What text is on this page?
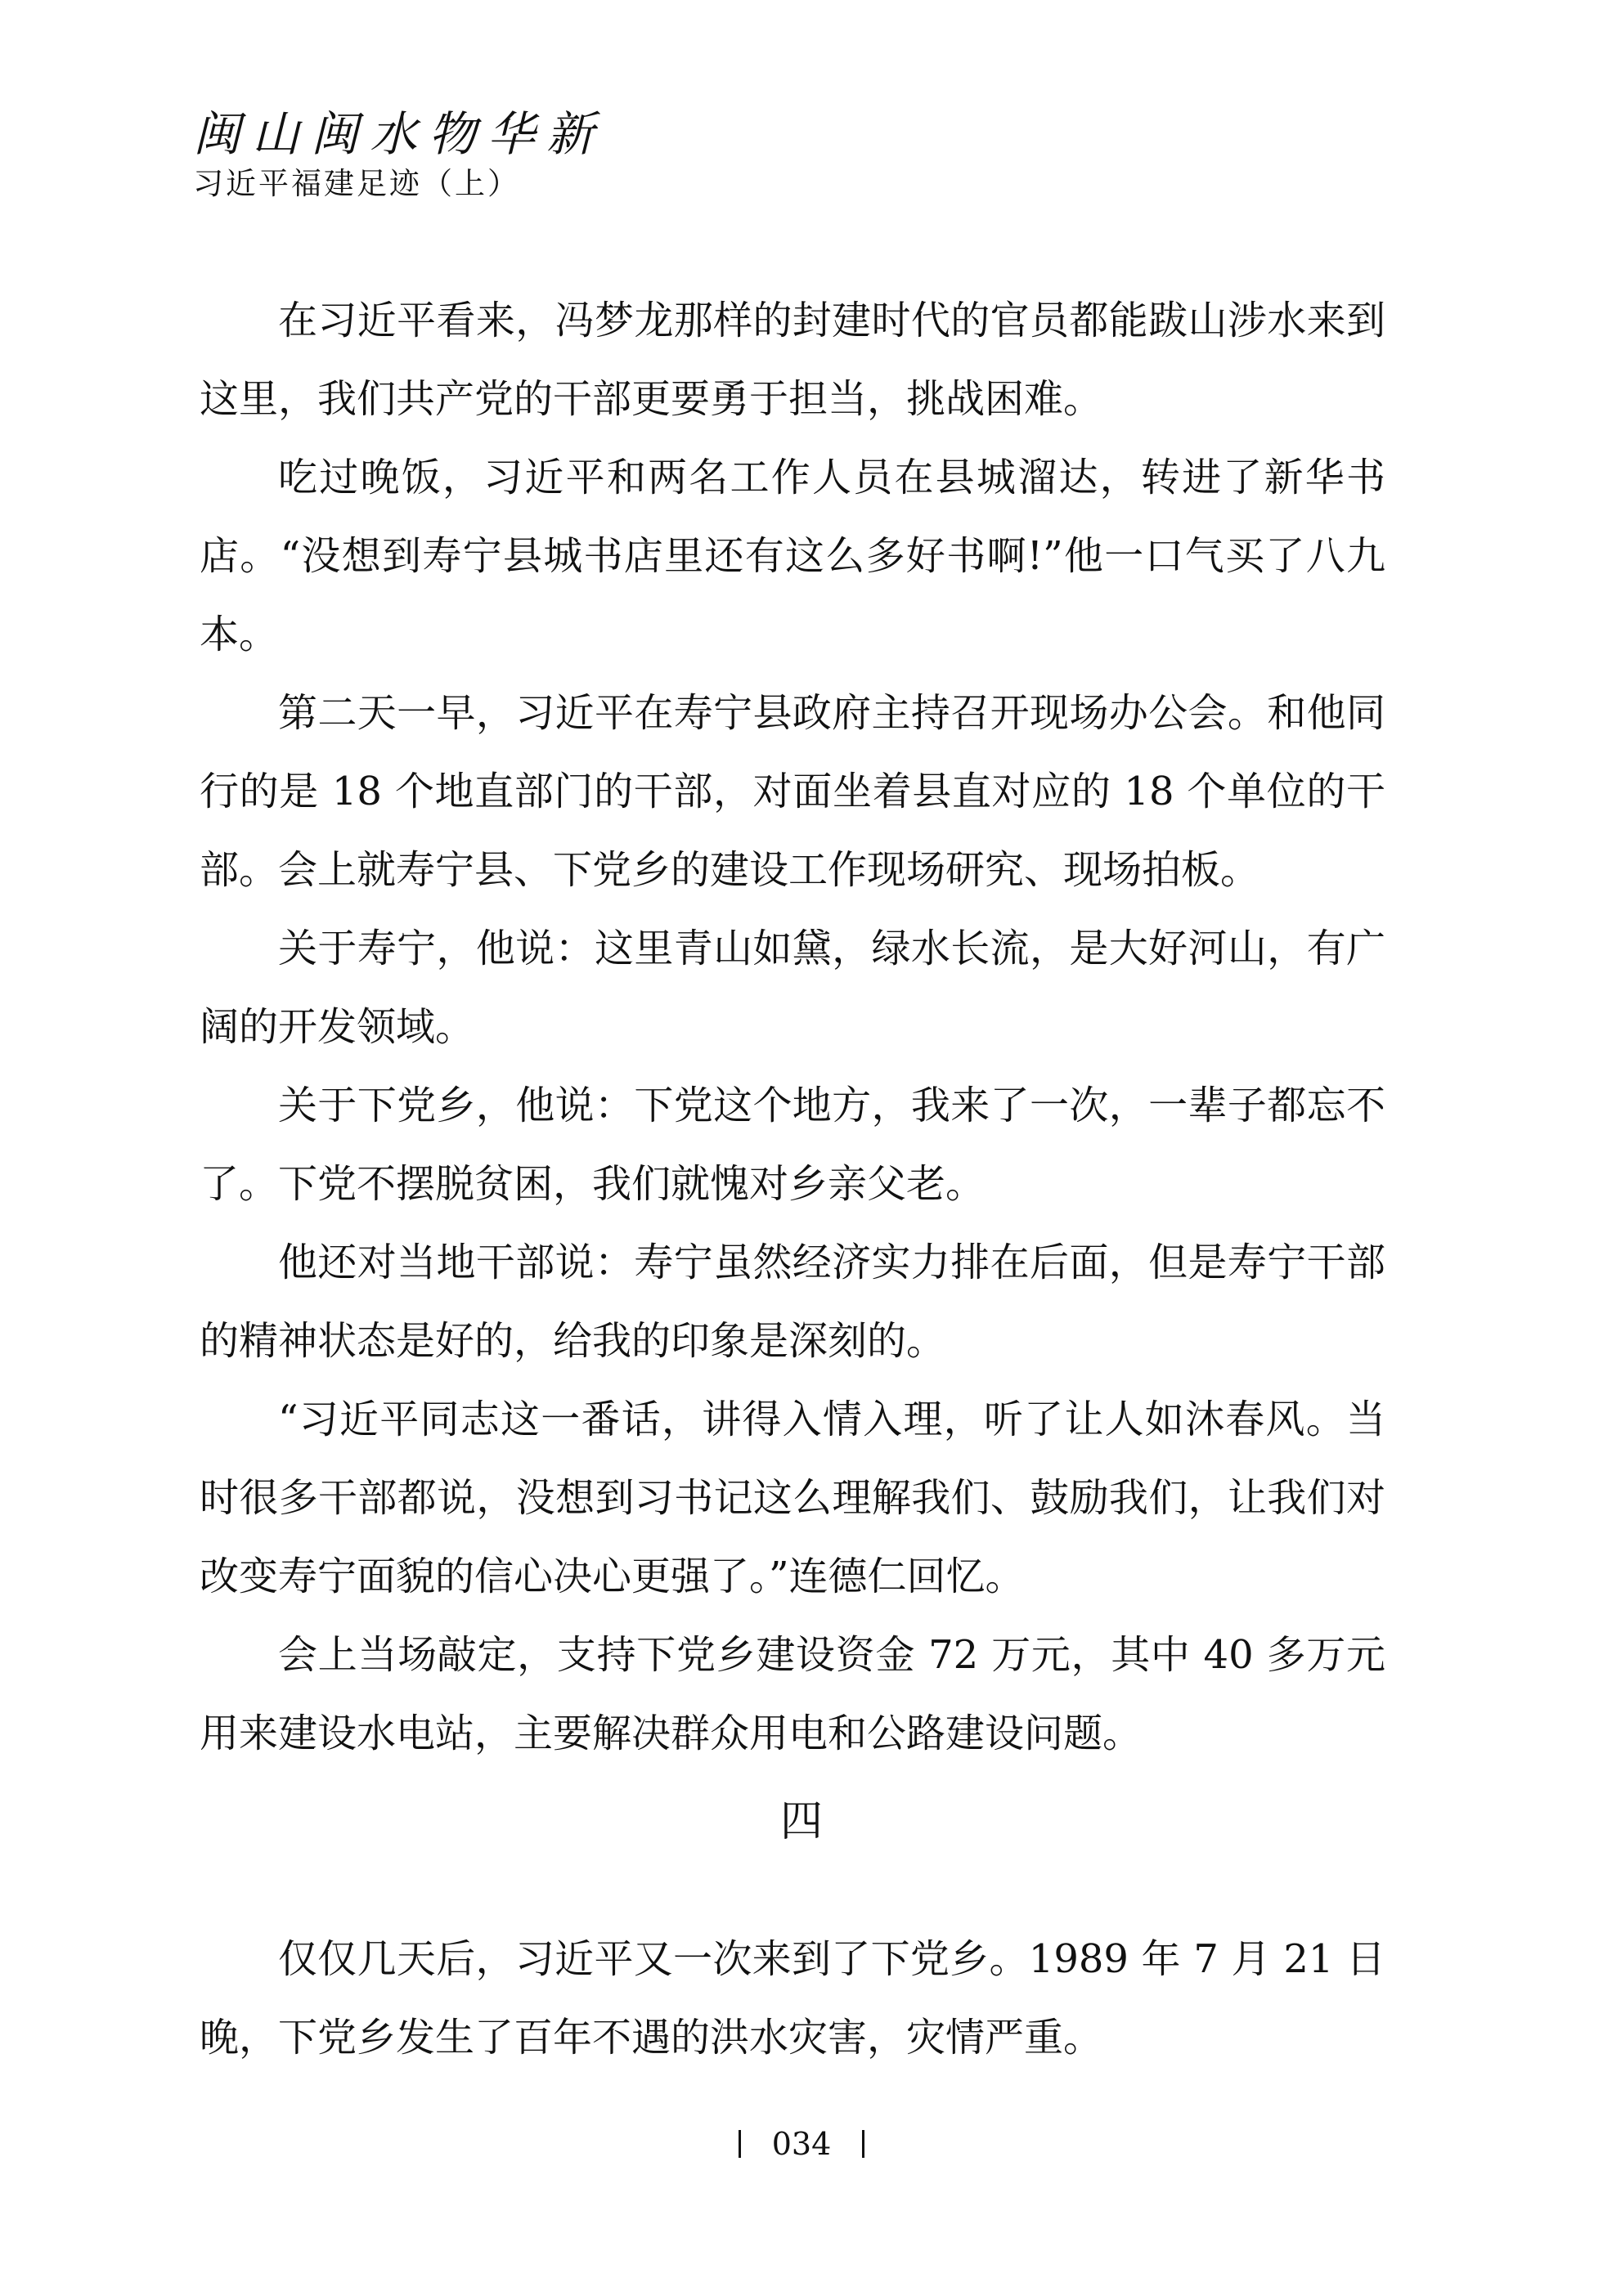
闽山闽水物华新
习近平福建足迹（上）

在习近平看来，冯梦龙那样的封建时代的官员都能跋山涉水来到这里，我们共产党的干部更要勇于担当，挑战困难。

吃过晚饭，习近平和两名工作人员在县城溜达，转进了新华书店。“没想到寿宁县城书店里还有这么多好书啊!”他一口气买了八九本。

第二天一早，习近平在寿宁县政府主持召开现场办公会。和他同行的是 18 个地直部门的干部，对面坐着县直对应的 18 个单位的干部。会上就寿宁县、下党乡的建设工作现场研究、现场拍板。

关于寿宁，他说：这里青山如黛，绿水长流，是大好河山，有广阔的开发领域。

关于下党乡，他说：下党这个地方，我来了一次，一辈子都忘不了。下党不摆脱贫困，我们就愧对乡亲父老。

他还对当地干部说：寿宁虽然经济实力排在后面，但是寿宁干部的精神状态是好的，给我的印象是深刻的。

“习近平同志这一番话，讲得入情入理，听了让人如沐春风。当时很多干部都说，没想到习书记这么理解我们、鼓励我们，让我们对改变寿宁面貌的信心决心更强了。”连德仁回忆。

会上当场敲定，支持下党乡建设资金 72 万元，其中 40 多万元用来建设水电站，主要解决群众用电和公路建设问题。

四

仅仅几天后，习近平又一次来到了下党乡。1989 年 7 月 21 日晚，下党乡发生了百年不遇的洪水灾害，灾情严重。

034
